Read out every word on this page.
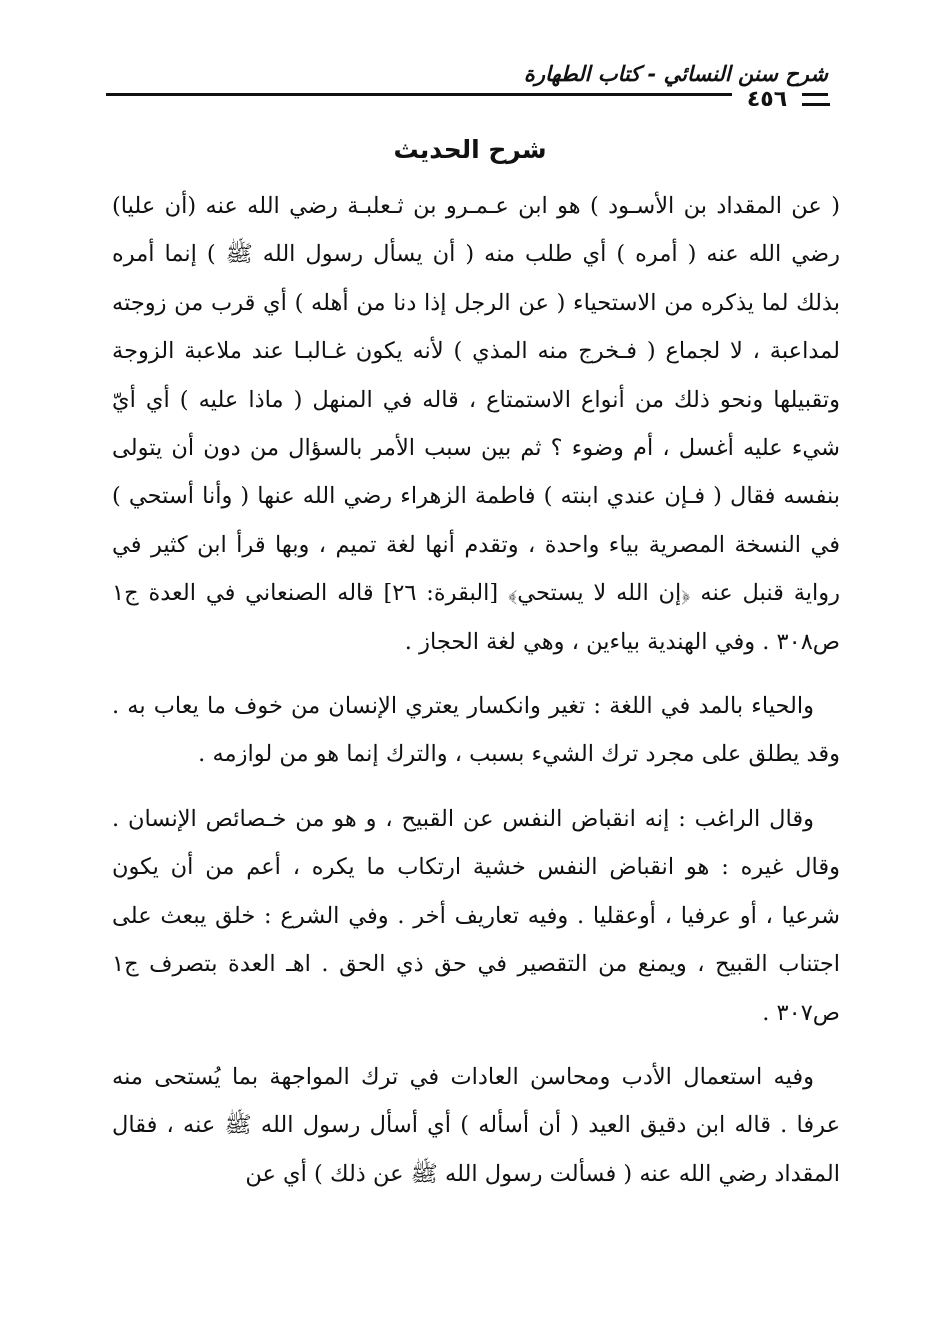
شرح سنن النسائي - كتاب الطهارة
٤٥٦
شرح الحديث

( عن المقداد بن الأسـود ) هو ابن عـمـرو بن ثـعلبـة رضي الله عنه (أن عليا) رضي الله عنه ( أمره ) أي طلب منه ( أن يسأل رسول الله ﷺ ) إنما أمره بذلك لما يذكره من الاستحياء ( عن الرجل إذا دنا من أهله ) أي قرب من زوجته لمداعبة ، لا لجماع ( فـخرج منه المذي ) لأنه يكون غـالبـا عند ملاعبة الزوجة وتقبيلها ونحو ذلك من أنواع الاستمتاع ، قاله في المنهل ( ماذا عليه ) أي أيّ شيء عليه أغسل ، أم وضوء ؟ ثم بين سبب الأمر بالسؤال من دون أن يتولى بنفسه فقال ( فـإن عندي ابنته ) فاطمة الزهراء رضي الله عنها ( وأنا أستحي ) في النسخة المصرية بياء واحدة ، وتقدم أنها لغة تميم ، وبها قرأ ابن كثير في رواية قنبل عنه ﴿إن الله لا يستحي﴾ [البقرة: ٢٦] قاله الصنعاني في العدة ج١ ص٣٠٨ . وفي الهندية بياءين ، وهي لغة الحجاز .

والحياء بالمد في اللغة : تغير وانكسار يعتري الإنسان من خوف ما يعاب به . وقد يطلق على مجرد ترك الشيء بسبب ، والترك إنما هو من لوازمه .

وقال الراغب : إنه انقباض النفس عن القبيح ، و هو من خـصائص الإنسان . وقال غيره : هو انقباض النفس خشية ارتكاب ما يكره ، أعم من أن يكون شرعيا ، أو عرفيا ، أوعقليا . وفيه تعاريف أخر . وفي الشرع : خلق يبعث على اجتناب القبيح ، ويمنع من التقصير في حق ذي الحق . اهـ العدة بتصرف ج١ ص٣٠٧ .

وفيه استعمال الأدب ومحاسن العادات في ترك المواجهة بما يُستحى منه عرفا . قاله ابن دقيق العيد ( أن أسأله ) أي أسأل رسول الله ﷺ عنه ، فقال المقداد رضي الله عنه ( فسألت رسول الله ﷺ عن ذلك ) أي عن
